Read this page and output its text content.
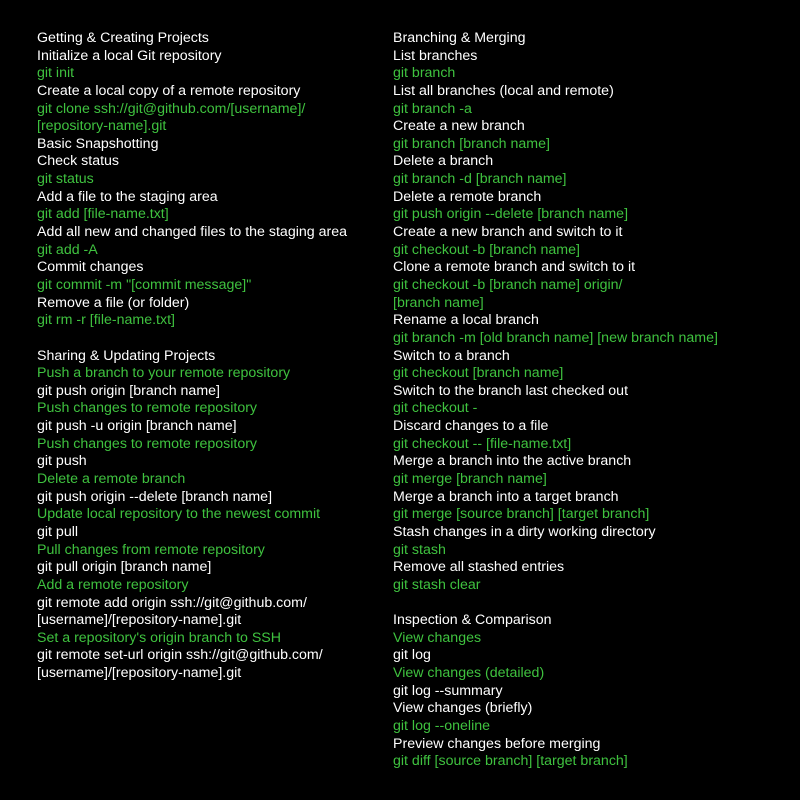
Getting & Creating Projects
Initialize a local Git repository
git init
Create a local copy of a remote repository
git clone ssh://git@github.com/[username]/
[repository-name].git
Basic Snapshotting
Check status
git status
Add a file to the staging area
git add [file-name.txt]
Add all new and changed files to the staging area
git add -A
Commit changes
git commit -m "[commit message]"
Remove a file (or folder)
git rm -r [file-name.txt]
Sharing & Updating Projects
Push a branch to your remote repository
git push origin [branch name]
Push changes to remote repository
git push -u origin [branch name]
Push changes to remote repository
git push
Delete a remote branch
git push origin --delete [branch name]
Update local repository to the newest commit
git pull
Pull changes from remote repository
git pull origin [branch name]
Add a remote repository
git remote add origin ssh://git@github.com/
[username]/[repository-name].git
Set a repository's origin branch to SSH
git remote set-url origin ssh://git@github.com/
[username]/[repository-name].git
Branching & Merging
List branches
git branch
List all branches (local and remote)
git branch -a
Create a new branch
git branch [branch name]
Delete a branch
git branch -d [branch name]
Delete a remote branch
git push origin --delete [branch name]
Create a new branch and switch to it
git checkout -b [branch name]
Clone a remote branch and switch to it
git checkout -b [branch name] origin/
[branch name]
Rename a local branch
git branch -m [old branch name] [new branch name]
Switch to a branch
git checkout [branch name]
Switch to the branch last checked out
git checkout -
Discard changes to a file
git checkout -- [file-name.txt]
Merge a branch into the active branch
git merge [branch name]
Merge a branch into a target branch
git merge [source branch] [target branch]
Stash changes in a dirty working directory
git stash
Remove all stashed entries
git stash clear
Inspection & Comparison
View changes
git log
View changes (detailed)
git log --summary
View changes (briefly)
git log --oneline
Preview changes before merging
git diff [source branch] [target branch]
